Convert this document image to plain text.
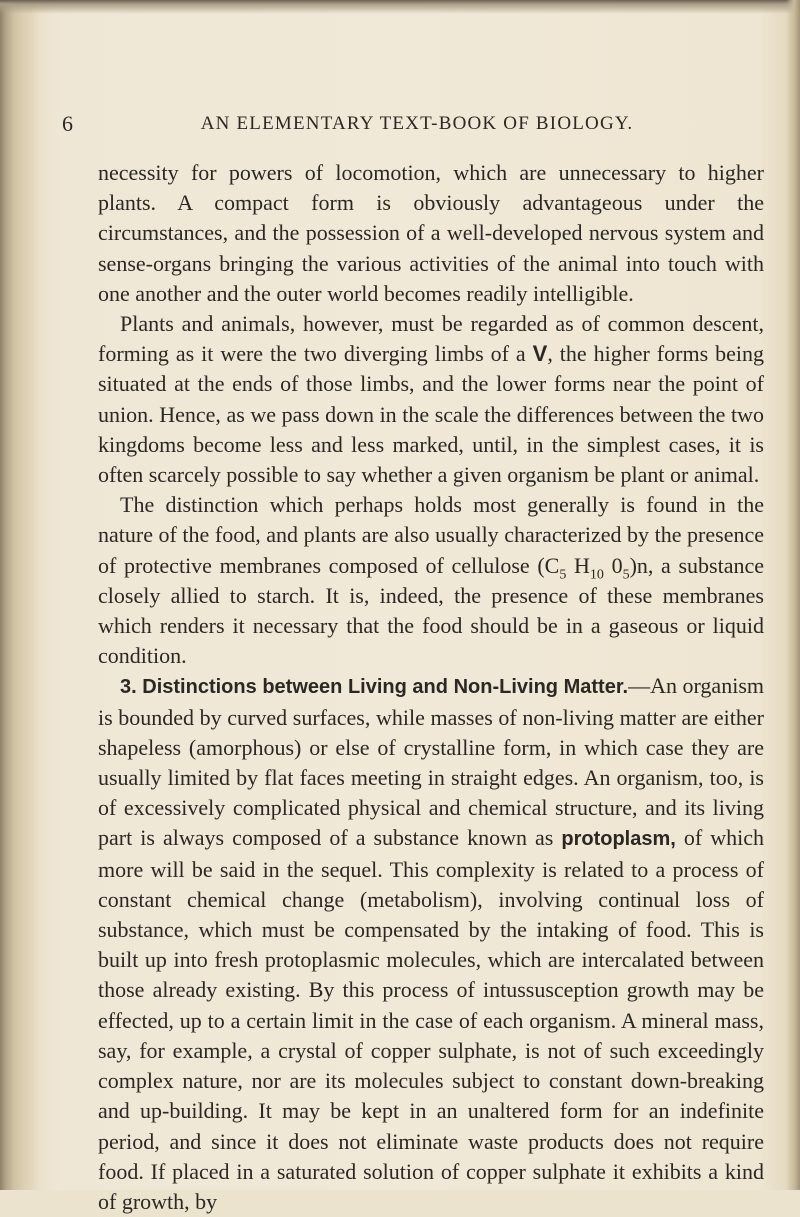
6	AN ELEMENTARY TEXT-BOOK OF BIOLOGY.

necessity for powers of locomotion, which are unnecessary to higher plants. A compact form is obviously advantageous under the circumstances, and the possession of a well-developed nervous system and sense-organs bringing the various activities of the animal into touch with one another and the outer world becomes readily intelligible.

Plants and animals, however, must be regarded as of common descent, forming as it were the two diverging limbs of a V, the higher forms being situated at the ends of those limbs, and the lower forms near the point of union. Hence, as we pass down in the scale the differences between the two kingdoms become less and less marked, until, in the simplest cases, it is often scarcely possible to say whether a given organism be plant or animal.

The distinction which perhaps holds most generally is found in the nature of the food, and plants are also usually characterized by the presence of protective membranes composed of cellulose ($C_5$ $H_{10}$ $0_5)n$, a substance closely allied to starch. It is, indeed, the presence of these membranes which renders it necessary that the food should be in a gaseous or liquid condition.

3. Distinctions between Living and Non-Living Matter.—An organism is bounded by curved surfaces, while masses of non-living matter are either shapeless (amorphous) or else of crystalline form, in which case they are usually limited by flat faces meeting in straight edges. An organism, too, is of excessively complicated physical and chemical structure, and its living part is always composed of a substance known as protoplasm, of which more will be said in the sequel. This complexity is related to a process of constant chemical change (metabolism), involving continual loss of substance, which must be compensated by the intaking of food. This is built up into fresh protoplasmic molecules, which are intercalated between those already existing. By this process of intussusception growth may be effected, up to a certain limit in the case of each organism. A mineral mass, say, for example, a crystal of copper sulphate, is not of such exceedingly complex nature, nor are its molecules subject to constant down-breaking and up-building. It may be kept in an unaltered form for an indefinite period, and since it does not eliminate waste products does not require food. If placed in a saturated solution of copper sulphate it exhibits a kind of growth, by
